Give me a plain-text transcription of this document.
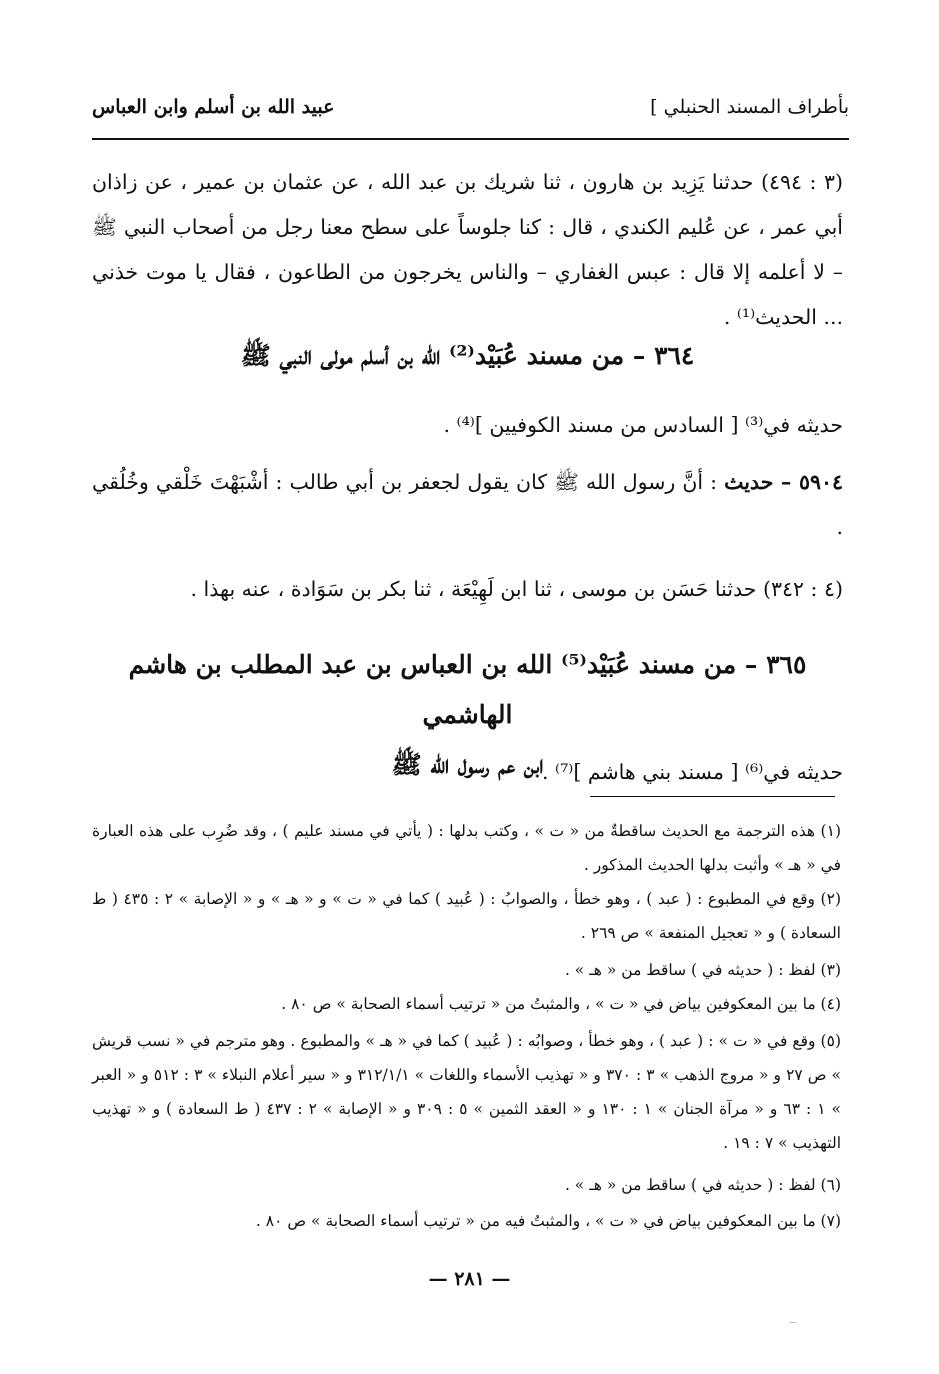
بأطراف المسند الحنبلي ]
عبيد الله بن أسلم وابن العباس
(٣ : ٤٩٤) حدثنا يَزِيد بن هارون ، ثنا شريك بن عبد الله ، عن عثمان بن عمير ، عن زاذان أبي عمر ، عن عُليم الكندي ، قال : كنا جلوساً على سطح معنا رجل من أصحاب النبي ﷺ – لا أعلمه إلا قال : عبس الغفاري – والناس يخرجون من الطاعون ، فقال يا موت خذني ... الحديث⁽¹⁾ .
٣٦٤ – من مسند عُبَيْد⁽²⁾ الله بن أسلم مولى النبي ﷺ
حديثه في⁽³⁾ [ السادس من مسند الكوفيين ]⁽⁴⁾ .
٥٩٠٤ – حديث : أنَّ رسول الله ﷺ كان يقول لجعفر بن أبي طالب : أشْبَهْتَ خَلْقي وخُلُقي .
(٤ : ٣٤٢) حدثنا حَسَن بن موسى ، ثنا ابن لَهِيْعَة ، ثنا بكر بن سَوَادة ، عنه بهذا .
٣٦٥ – من مسند عُبَيْد⁽⁵⁾ الله بن العباس بن عبد المطلب بن هاشم الهاشمي
ابن عم رسول الله ﷺ
حديثه في⁽⁶⁾ [ مسند بني هاشم ]⁽⁷⁾ .
(١) هذه الترجمة مع الحديث ساقطةٌ من « ت » ، وكتب بدلها : ( يأتي في مسند عليم ) ، وقد ضُرِب على هذه العبارة في « هـ » وأثبت بدلها الحديث المذكور .
(٢) وقع في المطبوع : ( عبد ) ، وهو خطأ ، والصوابُ : ( عُبيد ) كما في « ت » و « هـ » و « الإصابة » ٢ : ٤٣٥ ( ط السعادة ) و « تعجيل المنفعة » ص ٢٦٩ .
(٣) لفظ : ( حديثه في ) ساقط من « هـ » .
(٤) ما بين المعكوفين بياض في « ت » ، والمثبتُ من « ترتيب أسماء الصحابة » ص ٨٠ .
(٥) وقع في « ت » : ( عبد ) ، وهو خطأ ، وصوابُه : ( عُبيد ) كما في « هـ » والمطبوع . وهو مترجم في « نسب قريش » ص ٢٧ و « مروج الذهب » ٣ : ٣٧٠ و « تهذيب الأسماء واللغات » ٣١٢/١/١ و « سير أعلام النبلاء » ٣ : ٥١٢ و « العبر » ١ : ٦٣ و « مرآة الجنان » ١ : ١٣٠ و « العقد الثمين » ٥ : ٣٠٩ و « الإصابة » ٢ : ٤٣٧ ( ط السعادة ) و « تهذيب التهذيب » ٧ : ١٩ .
(٦) لفظ : ( حديثه في ) ساقط من « هـ » .
(٧) ما بين المعكوفين بياض في « ت » ، والمثبتُ فيه من « ترتيب أسماء الصحابة » ص ٨٠ .
— ٢٨١ —
